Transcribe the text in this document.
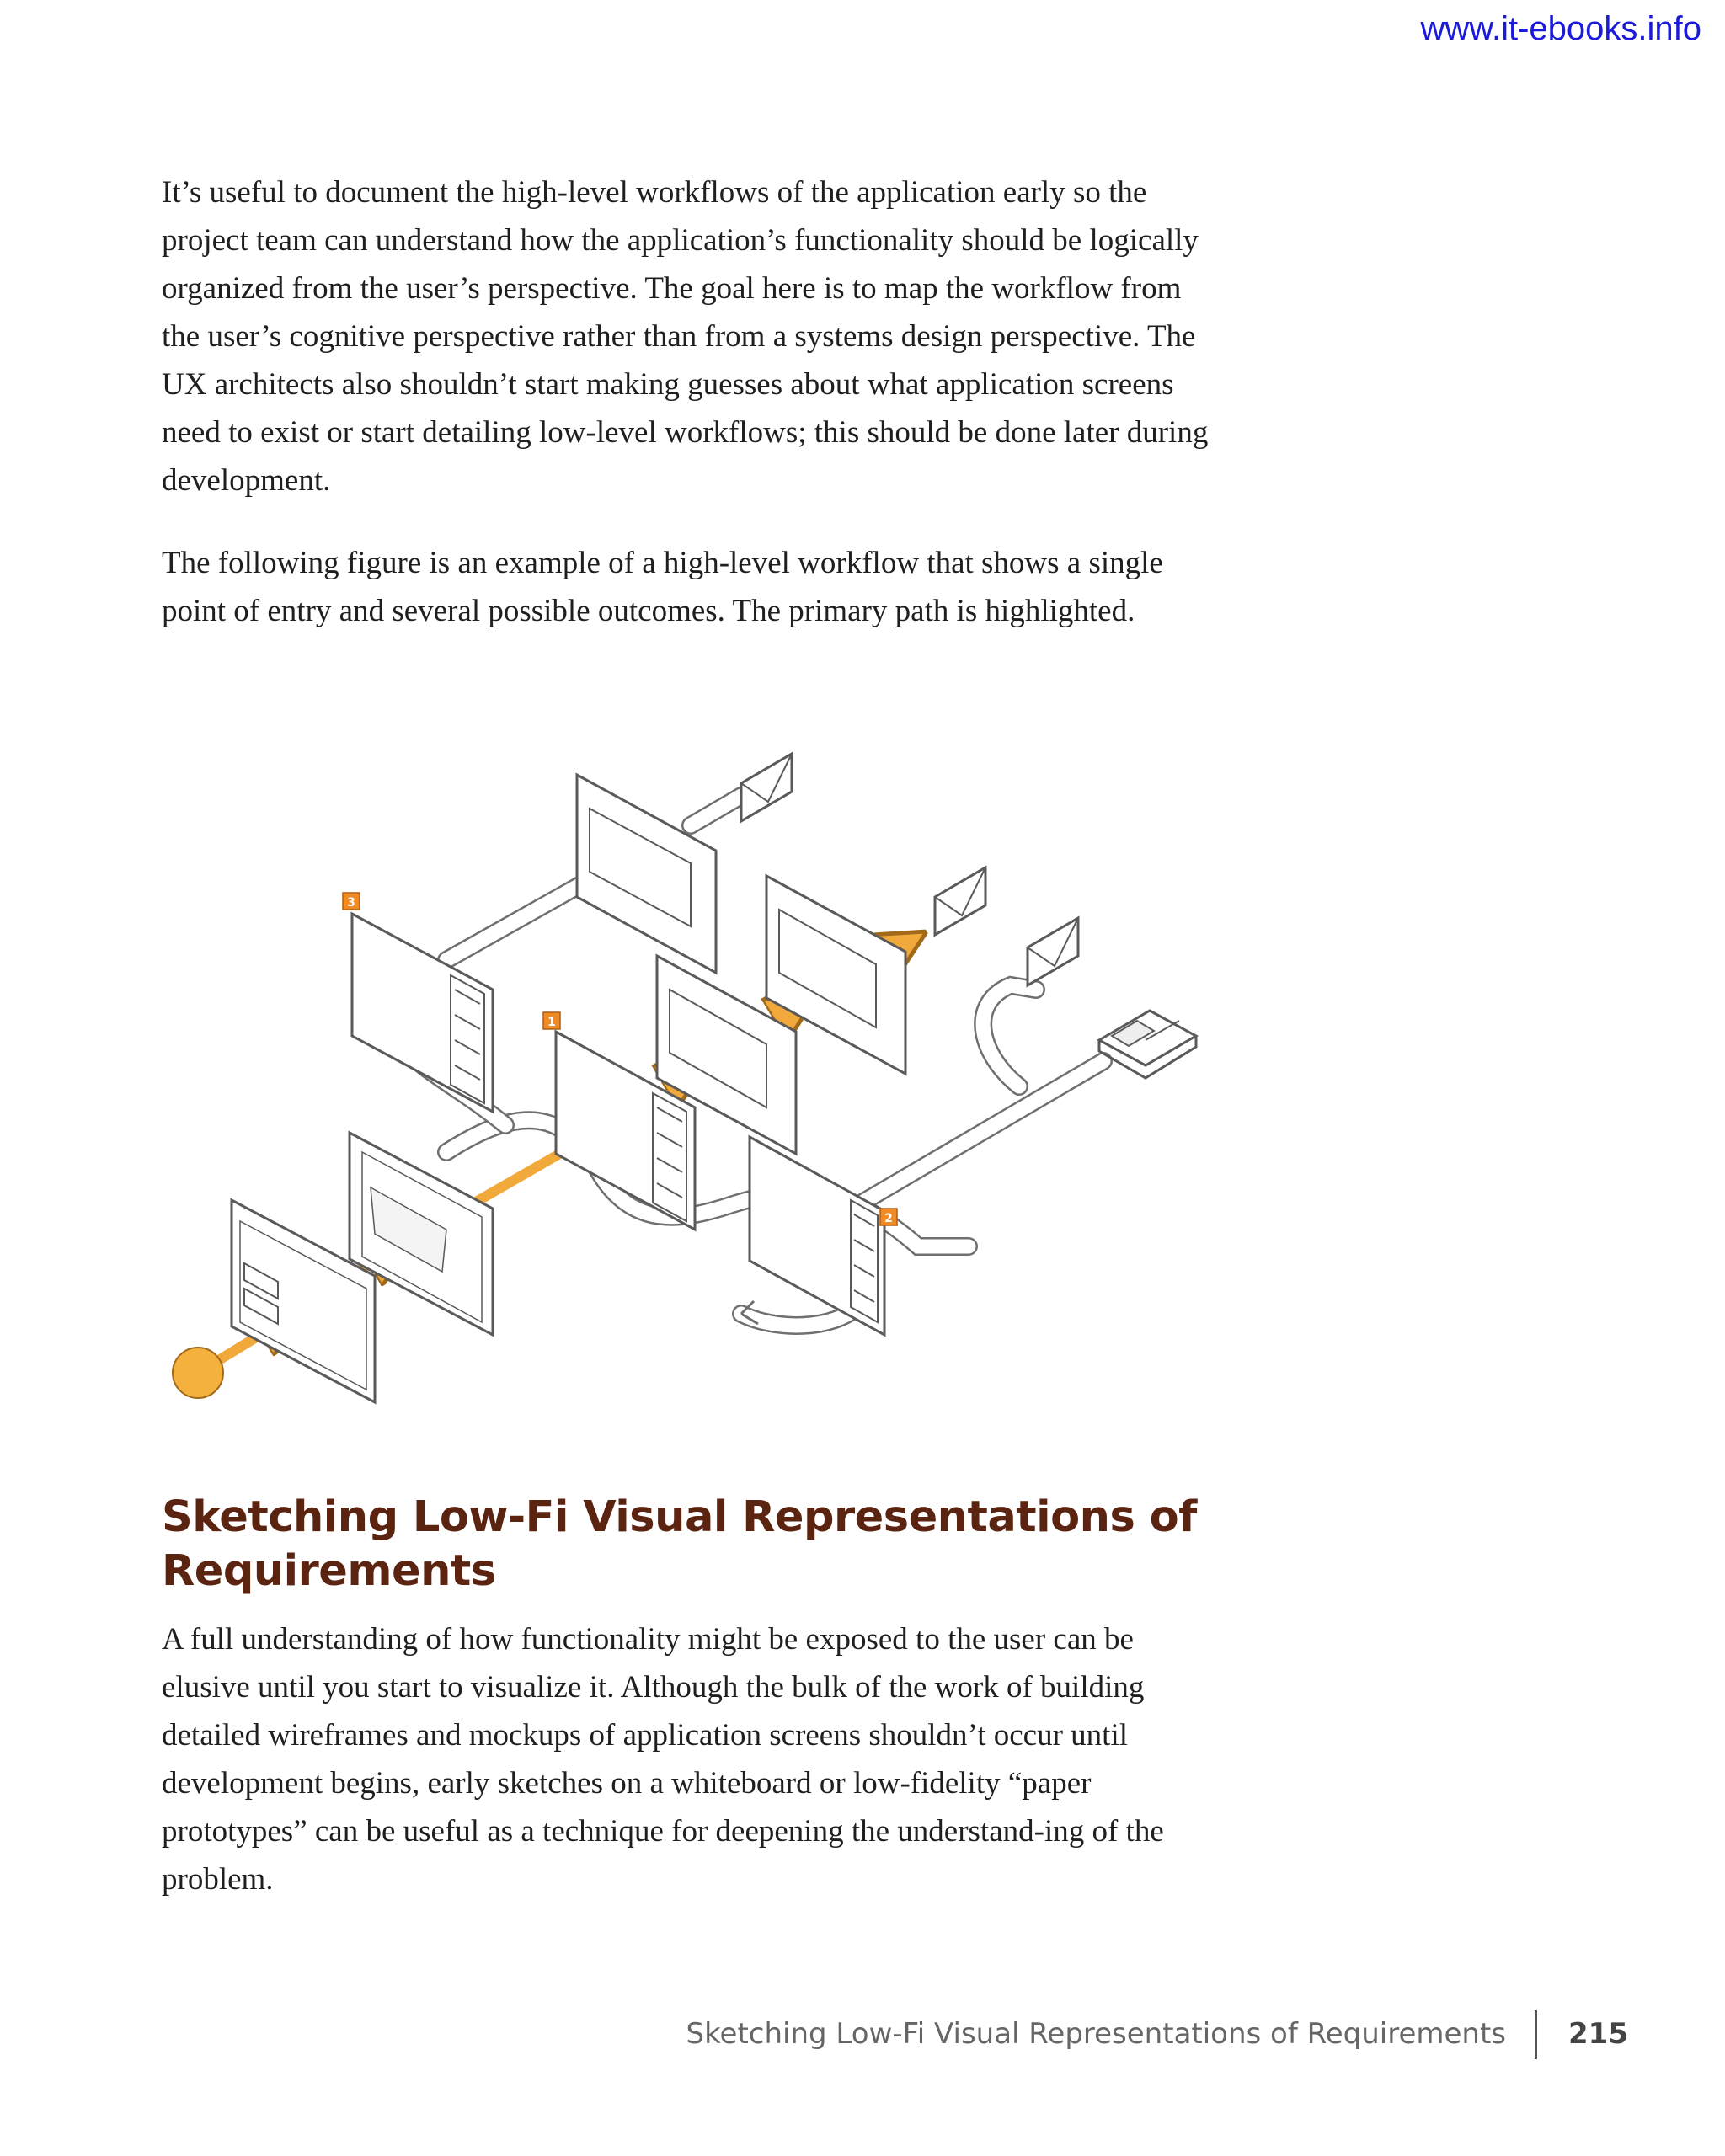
www.it-ebooks.info

It’s useful to document the high-level workflows of the application early so the project team can understand how the application’s functionality should be logically organized from the user’s perspective. The goal here is to map the workflow from the user’s cognitive perspective rather than from a systems design perspective. The UX architects also shouldn’t start making guesses about what application screens need to exist or start detailing low-level workflows; this should be done later during development.

The following figure is an example of a high-level workflow that shows a single point of entry and several possible outcomes. The primary path is highlighted.

3
1
2
Sketching Low-Fi Visual Representations of Requirements

A full understanding of how functionality might be exposed to the user can be elusive until you start to visualize it. Although the bulk of the work of building detailed wireframes and mockups of application screens shouldn’t occur until development begins, early sketches on a whiteboard or low-fidelity “paper prototypes” can be useful as a technique for deepening the understand-ing of the problem.

Sketching Low-Fi Visual Representations of Requirements 215
